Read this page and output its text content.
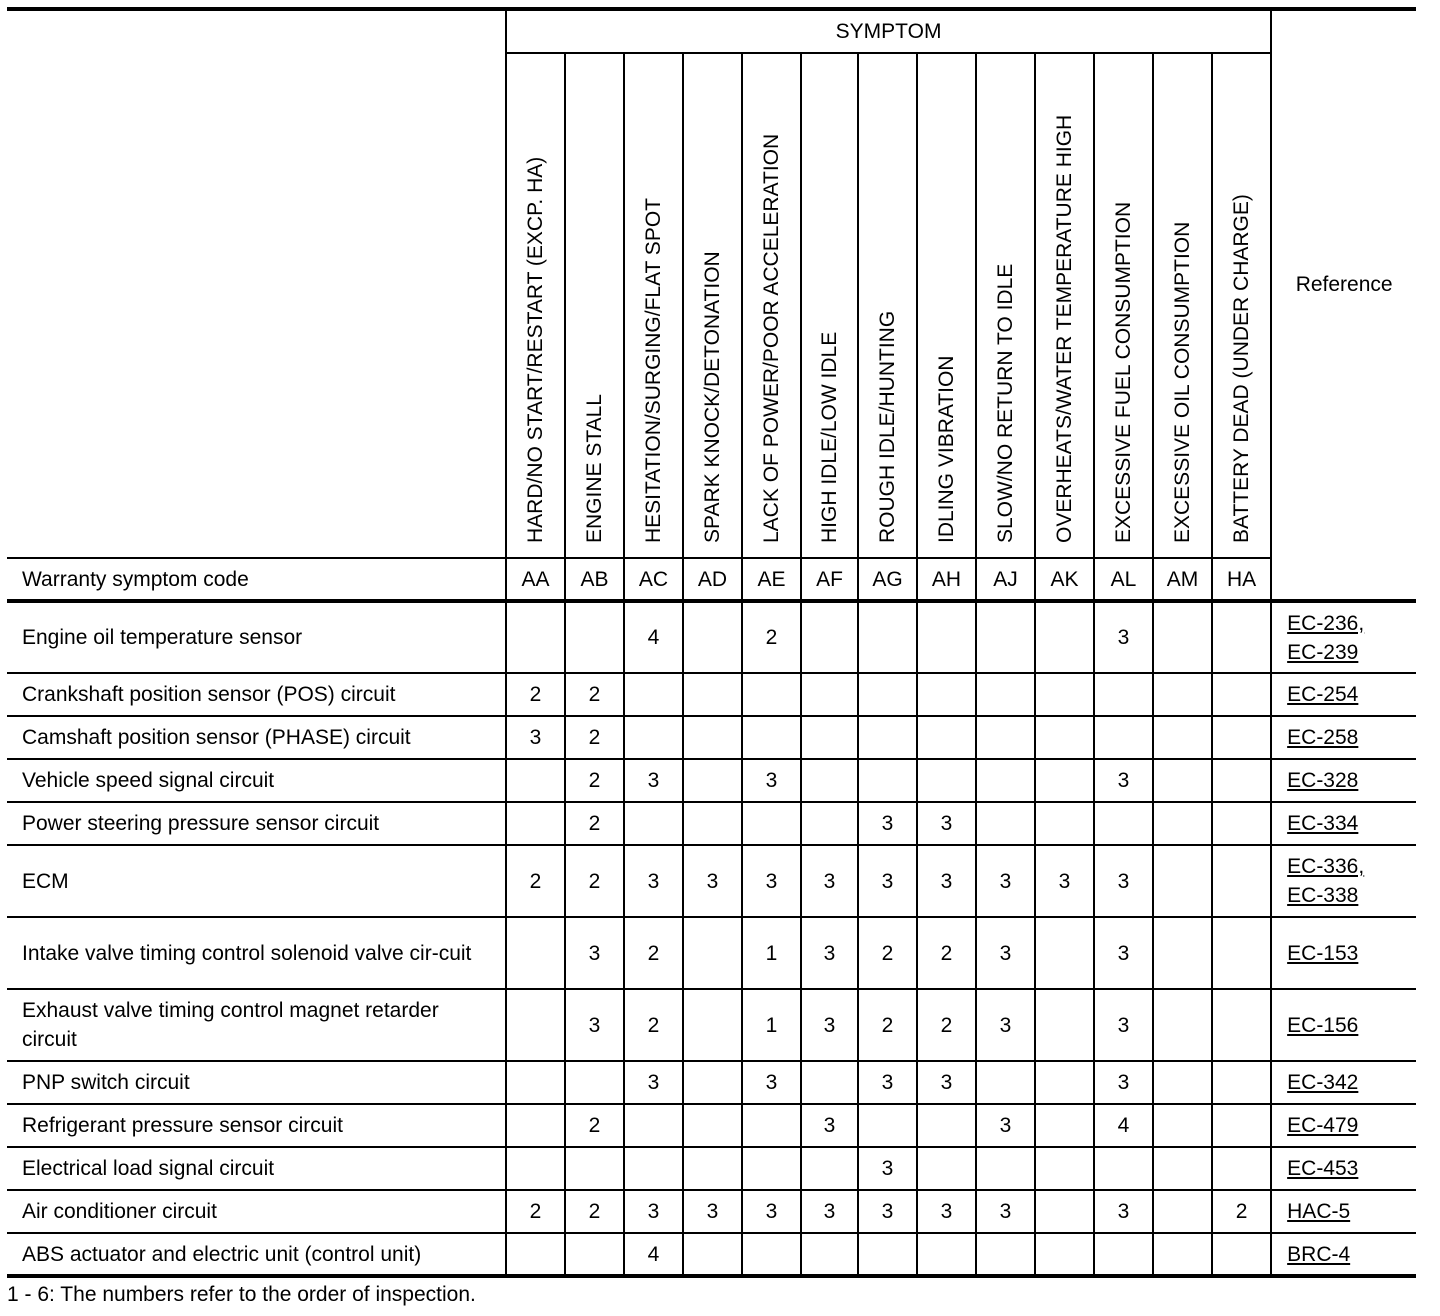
	SYMPTOM													Reference

	HARD/NO START/RESTART (EXCP. HA)	ENGINE STALL	HESITATION/SURGING/FLAT SPOT	SPARK KNOCK/DETONATION	LACK OF POWER/POOR ACCELERATION	HIGH IDLE/LOW IDLE	ROUGH IDLE/HUNTING	IDLING VIBRATION	SLOW/NO RETURN TO IDLE	OVERHEATS/WATER TEMPERATURE HIGH	EXCESSIVE FUEL CONSUMPTION	EXCESSIVE OIL CONSUMPTION	BATTERY DEAD (UNDER CHARGE)	

Warranty symptom code	AA	AB	AC	AD	AE	AF	AG	AH	AJ	AK	AL	AM	HA	
Engine oil temperature sensor			4		2						3			EC-236,
EC-239
Crankshaft position sensor (POS) circuit	2	2												EC-254
Camshaft position sensor (PHASE) circuit	3	2												EC-258
Vehicle speed signal circuit		2	3		3						3			EC-328
Power steering pressure sensor circuit		2					3	3						EC-334
ECM	2	2	3	3	3	3	3	3	3	3	3			EC-336,
EC-338
Intake valve timing control solenoid valve cir-cuit		3	2		1	3	2	2	3		3			EC-153
Exhaust valve timing control magnet retarder circuit		3	2		1	3	2	2	3		3			EC-156
PNP switch circuit			3		3		3	3			3			EC-342
Refrigerant pressure sensor circuit		2				3			3		4			EC-479
Electrical load signal circuit							3							EC-453
Air conditioner circuit	2	2	3	3	3	3	3	3	3		3		2	HAC-5
ABS actuator and electric unit (control unit)			4											BRC-4
1 - 6: The numbers refer to the order of inspection.
